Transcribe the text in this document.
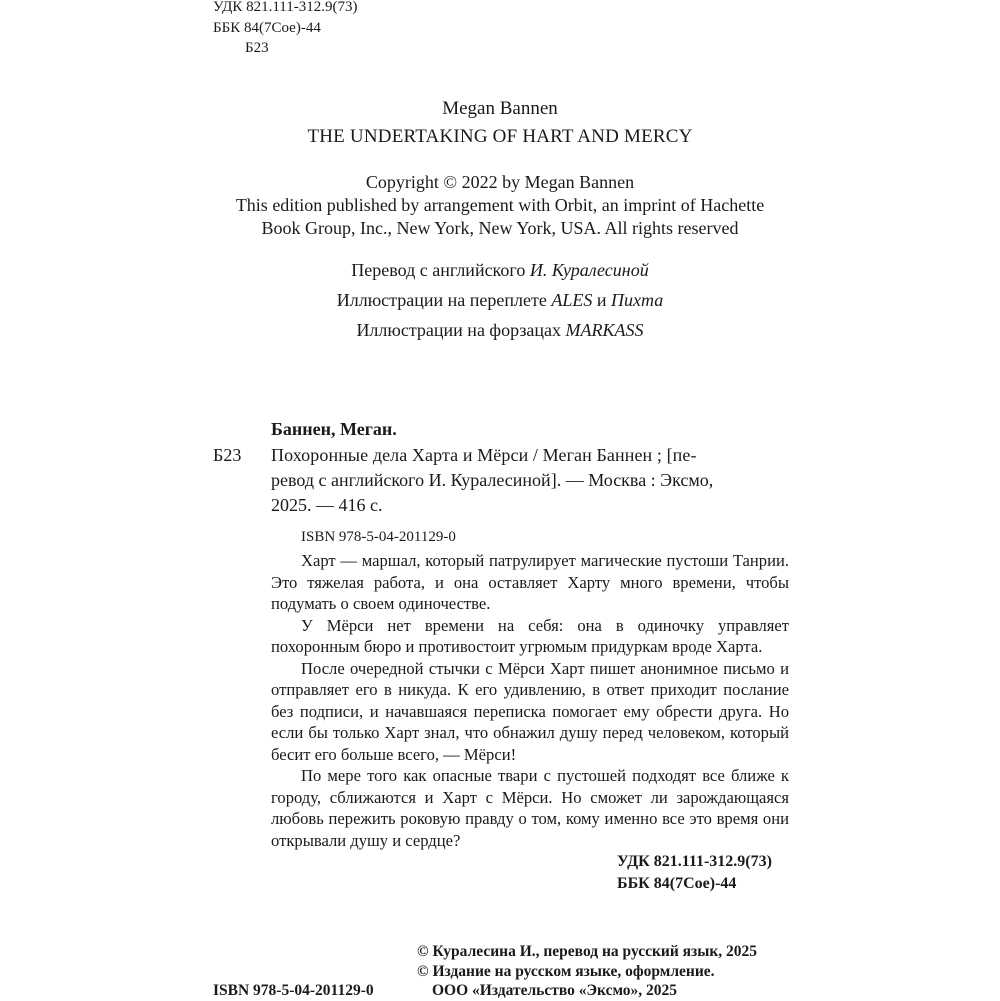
УДК 821.111-312.9(73)
ББК 84(7Сое)-44
Б23
Megan Bannen
THE UNDERTAKING OF HART AND MERCY
Copyright © 2022 by Megan Bannen
This edition published by arrangement with Orbit, an imprint of Hachette
Book Group, Inc., New York, New York, USA. All rights reserved
Перевод с английского И. Куралесиной
Иллюстрации на переплете ALES и Пихта
Иллюстрации на форзацах MARKASS
Баннен, Меган.
Б23 Похоронные дела Харта и Мёрси / Меган Баннен ; [пе-
ревод с английского И. Куралесиной]. — Москва : Эксмо,
2025. — 416 с.
ISBN 978-5-04-201129-0

Харт — маршал, который патрулирует магические пустоши Танрии. Это тяжелая работа, и она оставляет Харту много времени, чтобы подумать о своем одиночестве.

У Мёрси нет времени на себя: она в одиночку управляет похоронным бюро и противостоит угрюмым придуркам вроде Харта.

После очередной стычки с Мёрси Харт пишет анонимное письмо и отправляет его в никуда. К его удивлению, в ответ приходит послание без подписи, и начавшаяся переписка помогает ему обрести друга. Но если бы только Харт знал, что обнажил душу перед человеком, который бесит его больше всего, — Мёрси!

По мере того как опасные твари с пустошей подходят все ближе к городу, сближаются и Харт с Мёрси. Но сможет ли зарождающаяся любовь пережить роковую правду о том, кому именно все это время они открывали душу и сердце?

УДК 821.111-312.9(73)
ББК 84(7Сое)-44
© Куралесина И., перевод на русский язык, 2025
© Издание на русском языке, оформление.
ISBN 978-5-04-201129-0	ООО «Издательство «Эксмо», 2025
